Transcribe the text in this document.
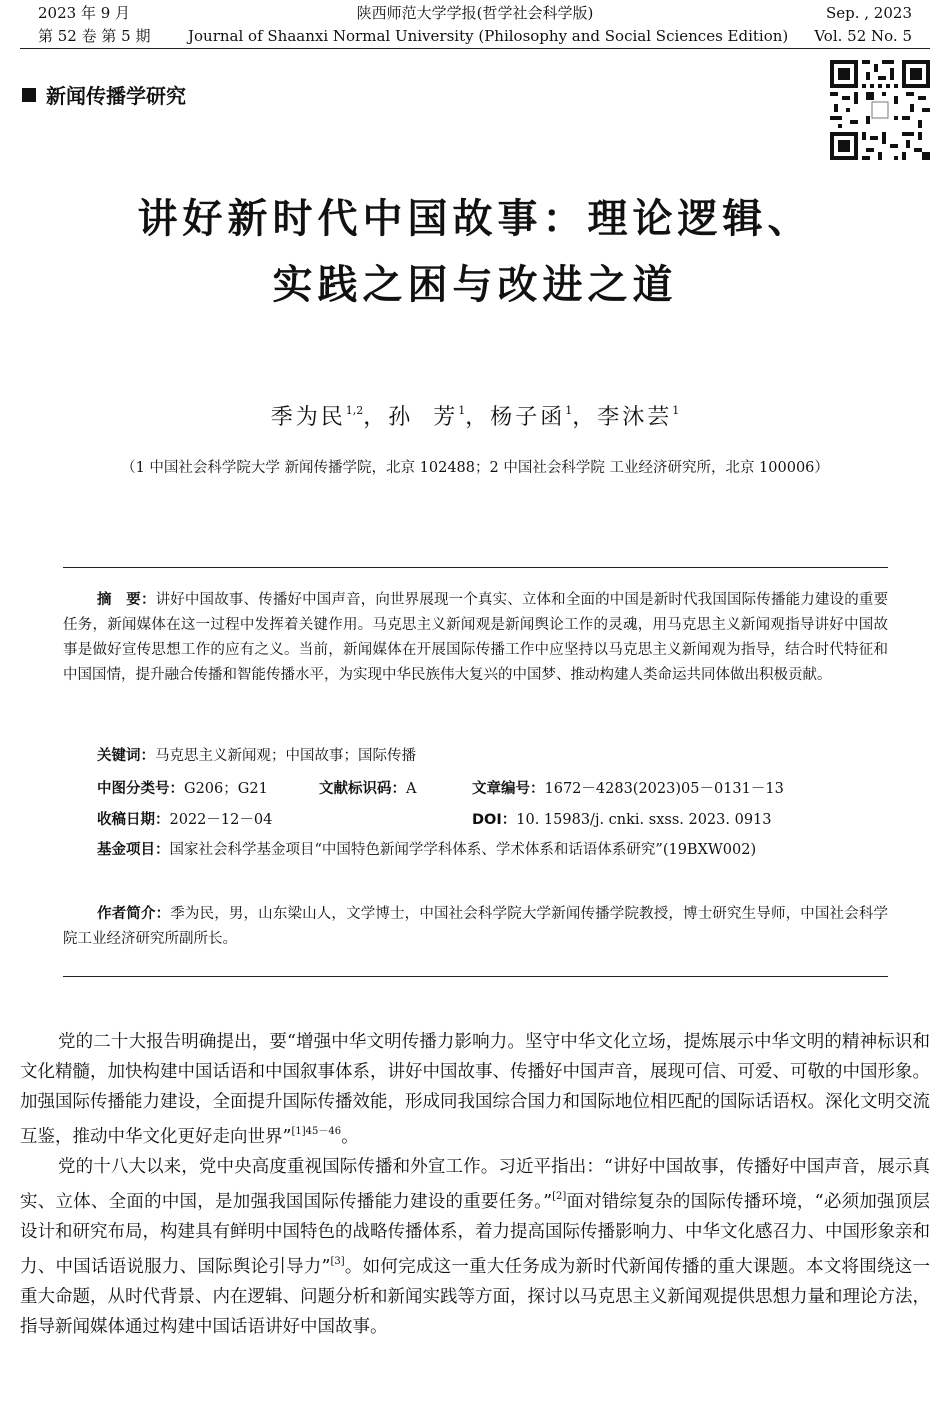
2023 年 9 月
第 52 卷 第 5 期
陕西师范大学学报(哲学社会科学版)
Journal of Shaanxi Normal University (Philosophy and Social Sciences Edition)
Sep. , 2023
Vol. 52 No. 5
新闻传播学研究
讲好新时代中国故事：理论逻辑、
实践之困与改进之道
季为民$^{1,2}$，孙  芳$^1$，杨子函$^1$，李沐芸$^1$
（1 中国社会科学院大学 新闻传播学院，北京 102488；2 中国社会科学院 工业经济研究所，北京 100006）
摘　要：讲好中国故事、传播好中国声音，向世界展现一个真实、立体和全面的中国是新时代我国国际传播能力建设的重要任务，新闻媒体在这一过程中发挥着关键作用。马克思主义新闻观是新闻舆论工作的灵魂，用马克思主义新闻观指导讲好中国故事是做好宣传思想工作的应有之义。当前，新闻媒体在开展国际传播工作中应坚持以马克思主义新闻观为指导，结合时代特征和中国国情，提升融合传播和智能传播水平，为实现中华民族伟大复兴的中国梦、推动构建人类命运共同体做出积极贡献。
关键词：马克思主义新闻观；中国故事；国际传播
中图分类号：G206；G21	文献标识码：A	文章编号：1672－4283(2023)05－0131－13
收稿日期：2022－12－04	DOI：10. 15983/j. cnki. sxss. 2023. 0913
基金项目：国家社会科学基金项目“中国特色新闻学学科体系、学术体系和话语体系研究”(19BXW002)
作者简介：季为民，男，山东梁山人，文学博士，中国社会科学院大学新闻传播学院教授，博士研究生导师，中国社会科学院工业经济研究所副所长。

党的二十大报告明确提出，要“增强中华文明传播力影响力。坚守中华文化立场，提炼展示中华文明的精神标识和文化精髓，加快构建中国话语和中国叙事体系，讲好中国故事、传播好中国声音，展现可信、可爱、可敬的中国形象。加强国际传播能力建设，全面提升国际传播效能，形成同我国综合国力和国际地位相匹配的国际话语权。深化文明交流互鉴，推动中华文化更好走向世界”$^{[1]45-46}$。

党的十八大以来，党中央高度重视国际传播和外宣工作。习近平指出：“讲好中国故事，传播好中国声音，展示真实、立体、全面的中国，是加强我国国际传播能力建设的重要任务。”[2]面对错综复杂的国际传播环境，“必须加强顶层设计和研究布局，构建具有鲜明中国特色的战略传播体系，着力提高国际传播影响力、中华文化感召力、中国形象亲和力、中国话语说服力、国际舆论引导力”[3]。如何完成这一重大任务成为新时代新闻传播的重大课题。本文将围绕这一重大命题，从时代背景、内在逻辑、问题分析和新闻实践等方面，探讨以马克思主义新闻观提供思想力量和理论方法，指导新闻媒体通过构建中国话语讲好中国故事。
